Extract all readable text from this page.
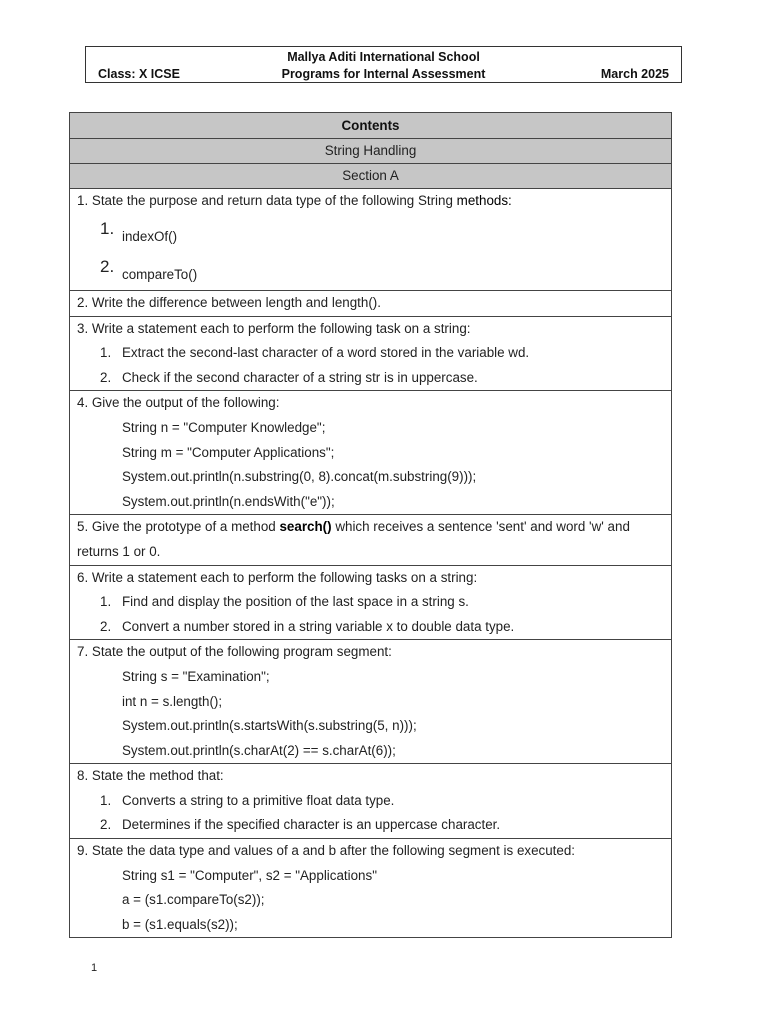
Mallya Aditi International School
Class: X ICSE	Programs for Internal Assessment	March 2025
Contents
String Handling
Section A

1. State the purpose and return data type of the following String methods:
1. indexOf()
2. compareTo()

2. Write the difference between length and length().

3. Write a statement each to perform the following task on a string:
1. Extract the second-last character of a word stored in the variable wd.
2. Check if the second character of a string str is in uppercase.

4. Give the output of the following:
String n = "Computer Knowledge";
String m = "Computer Applications";
System.out.println(n.substring(0, 8).concat(m.substring(9)));
System.out.println(n.endsWith("e"));

5. Give the prototype of a method search() which receives a sentence 'sent' and word 'w' and returns 1 or 0.

6. Write a statement each to perform the following tasks on a string:
1. Find and display the position of the last space in a string s.
2. Convert a number stored in a string variable x to double data type.

7. State the output of the following program segment:
String s = "Examination";
int n = s.length();
System.out.println(s.startsWith(s.substring(5, n)));
System.out.println(s.charAt(2) == s.charAt(6));

8. State the method that:
1. Converts a string to a primitive float data type.
2. Determines if the specified character is an uppercase character.

9. State the data type and values of a and b after the following segment is executed:
String s1 = "Computer", s2 = "Applications"
a = (s1.compareTo(s2));
b = (s1.equals(s2));
1
